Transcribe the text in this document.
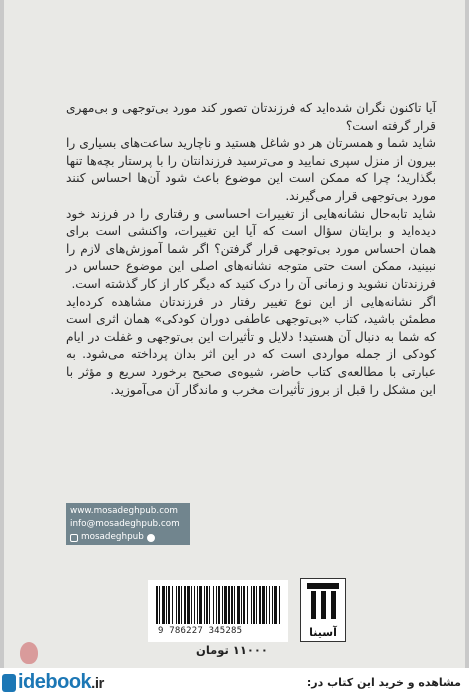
آیا تاکنون نگران شده‌اید که فرزندتان تصور کند مورد بی‌توجهی و بی‌مهری قرار گرفته است؟

شاید شما و همسرتان هر دو شاغل هستید و ناچارید ساعت‌های بسیاری را بیرون از منزل سپری نمایید و می‌ترسید فرزندانتان را با پرستار بچه‌ها تنها بگذارید؛ چرا که ممکن است این موضوع باعث شود آن‌ها احساس کنند مورد بی‌توجهی قرار می‌گیرند.

شاید تابه‌حال نشانه‌هایی از تغییرات احساسی و رفتاری را در فرزند خود دیده‌اید و برایتان سؤال است که آیا این تغییرات، واکنشی است برای همان احساس مورد بی‌توجهی قرار گرفتن؟ اگر شما آموزش‌های لازم را نبینید، ممکن است حتی متوجه نشانه‌های اصلی این موضوع حساس در فرزندتان نشوید و زمانی آن را درک کنید که دیگر کار از کار گذشته است.

اگر نشانه‌هایی از این نوع تغییر رفتار در فرزندتان مشاهده کرده‌اید مطمئن باشید، کتاب «بی‌توجهی عاطفی دوران کودکی» همان اثری است که شما به دنبال آن هستید! دلایل و تأثیرات این بی‌توجهی و غفلت در ایام کودکی از جمله مواردی است که در این اثر بدان پرداخته می‌شود. به عبارتی با مطالعه‌ی کتاب حاضر، شیوه‌ی صحیح برخورد سریع و مؤثر با این مشکل را قبل از بروز تأثیرات مخرب و ماندگار آن می‌آموزید.

www.mosadeghpub.com
info@mosadeghpub.com
mosadeghpub
9 786227 345285	آسینا
۱۱۰۰۰ تومان
idebook.ir	مشاهده و خرید این کتاب در:
